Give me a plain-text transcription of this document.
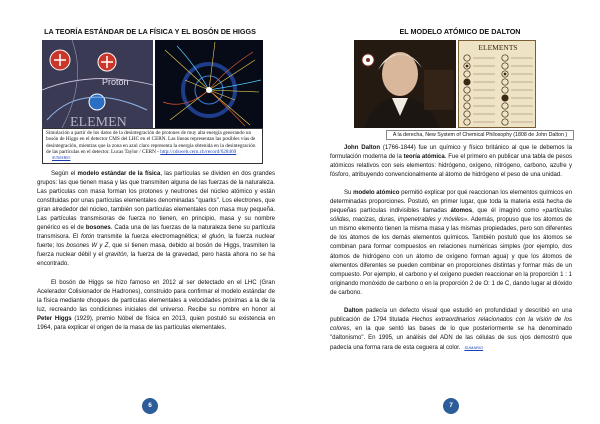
LA TEORÍA ESTÁNDAR DE LA FÍSICA Y EL BOSÓN DE HIGGS
Proton
ELEMEN
Simulación a partir de los datos de la desintegración de protones de muy alta energía generando un bosón de Higgs en el detector CMS del LHC en el CERN. Las líneas representan las posibles vías de desintegración, mientras que la zona en azul claro representa la energía obtenida en la desintegración de las partículas en el detector. Lucas Taylor / CERN - http://cdsweb.cern.ch/record/628469 SUMARIO

Según el modelo estándar de la física, las partículas se dividen en dos grandes grupos: las que tienen masa y las que transmiten alguna de las fuerzas de la naturaleza. Las partículas con masa forman los protones y neutrones del núcleo atómico y están constituidas por unas partículas elementales denominadas "quarks". Los electrones, que giran alrededor del núcleo, también son partículas elementales con masa muy pequeña. Las partículas transmisoras de fuerza no tienen, en principio, masa y su nombre genérico es el de bosones. Cada una de las fuerzas de la naturaleza tiene su partícula transmisora. El fotón transmite la fuerza electromagnética; el gluón, la fuerza nuclear fuerte; los bosones W y Z, que sí tienen masa, debido al bosón de Higgs, trasmiten la fuerza nuclear débil y el gravitón, la fuerza de la gravedad, pero hasta ahora no se ha encontrado.

El bosón de Higgs se hizo famoso en 2012 al ser detectado en el LHC (Gran Acelerador Colisionador de Hadrones), construido para confirmar el modelo estándar de la física mediante choques de partículas elementales a velocidades próximas a la de la luz, recreando las condiciones iniciales del universo. Recibe su nombre en honor al Peter Higgs (1929), premio Nóbel de física en 2013, quien postuló su existencia en 1964, para explicar el origen de la masa de las partículas elementales.

6
EL MODELO ATÓMICO DE DALTON
ELEMENTS
A la derecha, New System of Chemical Philosophy (1808 de John Dalton )

John Dalton (1766-1844) fue un químico y físico británico al que le debemos la formulación moderna de la teoría atómica. Fue el primero en publicar una tabla de pesos atómicos relativos con seis elementos: hidrógeno, oxígeno, nitrógeno, carbono, azufre y fósforo, atribuyendo convencionalmente al átomo de hidrógeno el peso de una unidad.

Su modelo atómico permitió explicar por qué reaccionan los elementos químicos en determinadas proporciones. Postuló, en primer lugar, que toda la materia está hecha de pequeñas partículas indivisibles llamadas átomos, que él imaginó como «partículas sólidas, macizas, duras, impenetrables y móviles». Además, propuso que los átomos de un mismo elemento tienen la misma masa y las mismas propiedades, pero son diferentes de los átomos de los demás elementos químicos. También postuló que los átomos se combinan para formar compuestos en relaciones numéricas simples (por ejemplo, dos átomos de hidrógeno con un átomo de oxígeno forman agua) y que los átomos de elementos diferentes se pueden combinar en proporciones distintas y formar más de un compuesto. Por ejemplo, el carbono y el oxígeno pueden reaccionar en la proporción 1 : 1 originando monóxido de carbono o en la proporción 2 de O: 1 de C, dando lugar al dióxido de carbono.

Dalton padecía un defecto visual que estudió en profundidad y describió en una publicación de 1794 titulada Hechos extraordinarios relacionados con la visión de los colores, en la que sentó las bases de lo que posteriormente se ha denominado "daltonismo". En 1995, un análisis del ADN de las células de sus ojos demostró que padecía una forma rara de esta ceguera al color. SUMARIO

7
